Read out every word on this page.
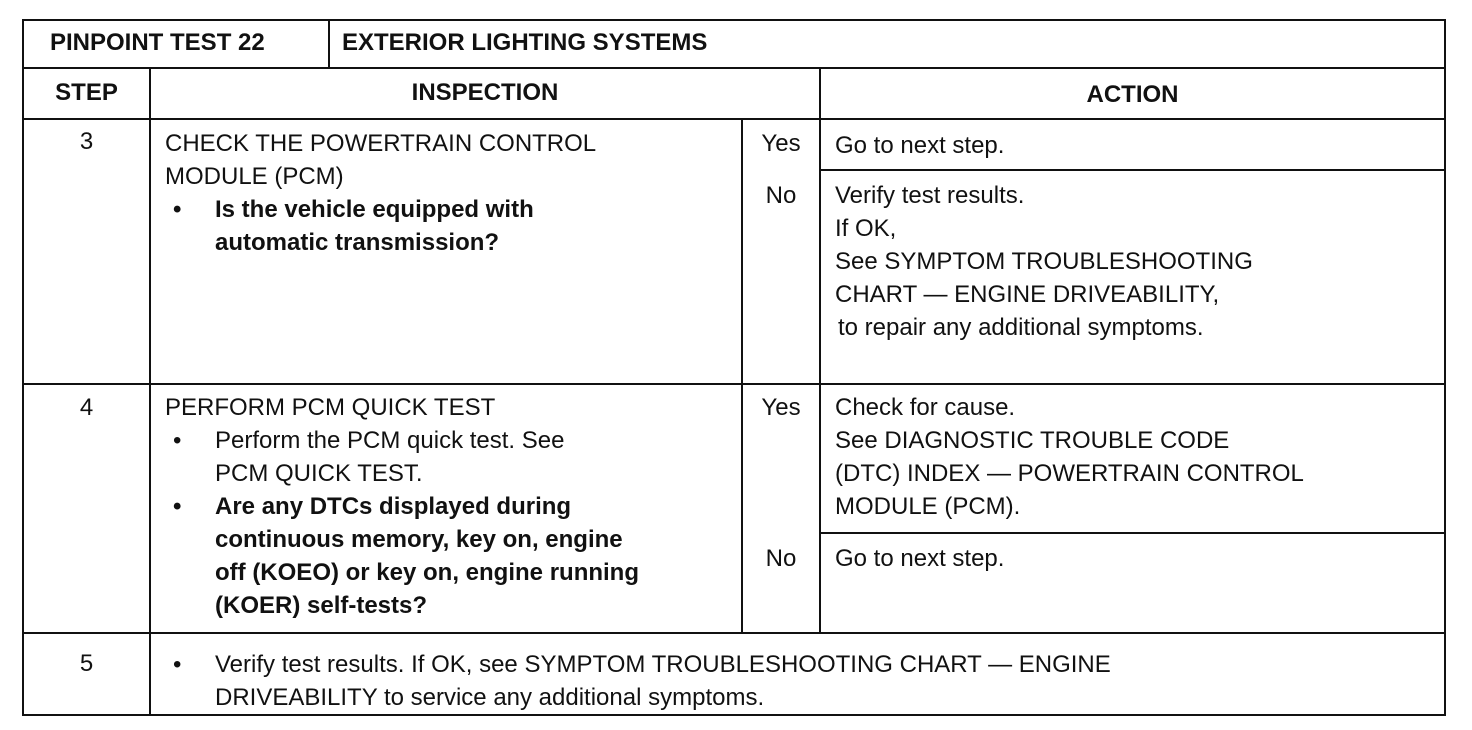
PINPOINT TEST 22	EXTERIOR LIGHTING SYSTEMS
STEP	INSPECTION	ACTION
3	CHECK THE POWERTRAIN CONTROL
MODULE (PCM)
• Is the vehicle equipped with
automatic transmission?
Yes	Go to next step.
No	Verify test results.
If OK,
See SYMPTOM TROUBLESHOOTING
CHART — ENGINE DRIVEABILITY,
to repair any additional symptoms.
4	PERFORM PCM QUICK TEST
• Perform the PCM quick test. See
PCM QUICK TEST.
• Are any DTCs displayed during
continuous memory, key on, engine
off (KOEO) or key on, engine running
(KOER) self-tests?
Yes	Check for cause.
See DIAGNOSTIC TROUBLE CODE
(DTC) INDEX — POWERTRAIN CONTROL
MODULE (PCM).
No	Go to next step.
5	• Verify test results. If OK, see SYMPTOM TROUBLESHOOTING CHART — ENGINE
DRIVEABILITY to service any additional symptoms.
